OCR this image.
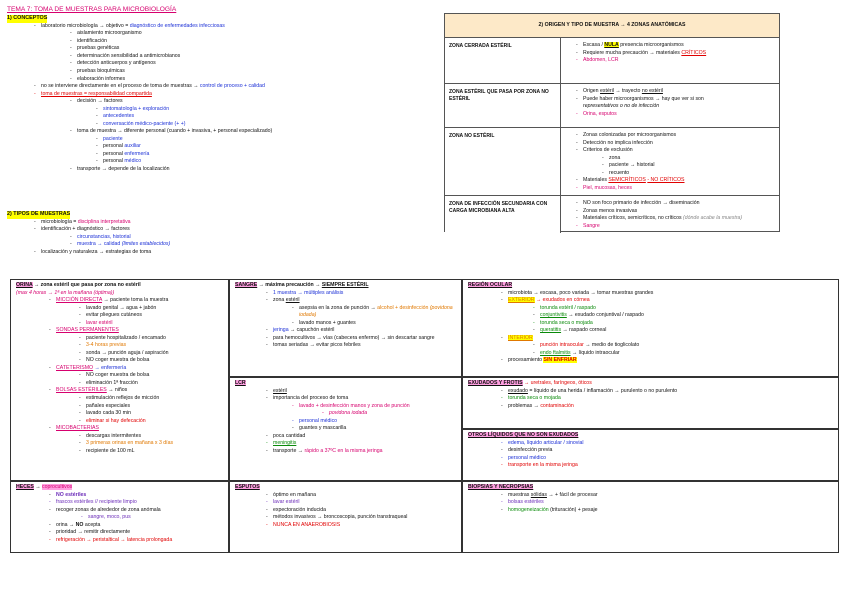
TEMA 7: TOMA DE MUESTRAS PARA MICROBIOLOGÍA
1) CONCEPTOS
- laboratorio microbiología → objetivo = diagnóstico de enfermedades infecciosas
- aislamiento microorganismo
- identificación
- pruebas genéticas
- determinación sensibilidad a antimicrobianos
- detección anticuerpos y antígenos
- pruebas bioquímicas
- elaboración informes
- no se interviene directamente en el proceso de toma de muestras → control de proceso + calidad
- toma de muestras = responsabilidad compartida
- decisión → factores
- sintomatología + exploración
- antecedentes
- conversación médico-paciente (+ +)
- toma de muestra → diferente personal (cuando + invasiva, + personal especializado)
- paciente
- personal auxiliar
- personal enfermería
- personal médico
- transporte → depende de la localización
2) TIPOS DE MUESTRAS
- microbiología = disciplina interpretativa
- identificación + diagnóstico → factores
- circunstancias, historial
- muestra → calidad (limites establecidos)
- localización y naturaleza → estrategias de toma
2) ORIGEN Y TIPO DE MUESTRA → 4 ZONAS ANATÓMICAS
ZONA CERRADA ESTÉRIL	- Escasa / NULA presencia microorganismos
- Requiere mucha precaución → materiales CRÍTICOS
- Abdomen, LCR
ZONA ESTÉRIL QUE PASA POR ZONA NO ESTÉRIL
- Origen estéril → trayecto no estéril
- Puede haber microorganismos → hay que ver si son
representativos o no de infección
- Orina, esputos
ZONA NO ESTÉRIL	- Zonas colonizadas por microorganismos
- Detección no implica infección
- Criterios de exclusión
- zona
- paciente → historial
- recuento
- Materiales SEMICRÍTICOS - NO CRÍTICOS
- Piel, mucosas, heces
ZONA DE INFECCIÓN SECUNDARIA CON CARGA MICROBIANA ALTA
- NO son foco primario de infección → diseminación
- Zonas menos invasivas
- Materiales críticos, semicríticos, no críticos (dónde acabe la muestra)
- Sangre
ORINA → zona estéril que pasa por zona no estéril
(max 4 horas → 1ª en la mañana (óptima))
- MICCIÓN DIRECTA → paciente toma la muestra
- lavado genital → agua + jabón
- evitar pliegues cutáneos
- lavar estéril
- SONDAS PERMANENTES
- paciente hospitalizado / encamado
- 3-4 horas previas
- sonda → punción aguja / aspiración
- NO coger muestra de bolsa
- CATETERISMO → enfermería
- NO coger muestra de bolsa
- eliminación 1ª fracción
- BOLSAS ESTÉRILES → niños
- estimulación reflejos de micción
- pañales especiales
- lavado cada 30 min
- eliminar si hay defecación
- MICOBACTERIAS
- descargas intermitentes
- 3 primeras orinas en mañana x 3 días
- recipiente de 100 mL
SANGRE → máxima precaución → SIEMPRE ESTÉRIL
- 1 muestra → múltiples análisis
- zona estéril
- asepsia en la zona de punción → alcohol + desinfección (povidona iodada)
- lavado manos + guantes
- jeringa → capuchón estéril
- para hemocultivos → vías (cabecera enfermo) → sin descartar sangre
- tomas seriadas → evitar picos febriles
LCR
- estéril
- importancia del proceso de toma
- lavado + desinfección manos y zona de punción
- povidona iodada
- personal médico
- guantes y mascarilla
- poca cantidad
- meningitis
- transporte → rápido a 37ºC en la misma jeringa
REGIÓN OCULAR
- microbiota → escasa, poco variada → tomar muestras grandes
- EXTERIOR → exudados en córnea
- torunda estéril / raspado
- conjuntivitis → exudado conjuntival / raspado
- torunda seca o mojada
- queratitis → raspado corneal
- INTERIOR
- punción intraocular → medio de tioglicolato
- endo ftalmitis → líquido intraocular
- procesamiento SIN ENFRIAR
EXUDADOS Y FROTIS → uretrales, faríngeos, óticos
- exudado = líquido de una herida / inflamación → purulento o no purulento
- torunda seca o mojada
- problemas → contaminación
OTROS LÍQUIDOS QUE NO SON EXUDADOS
- edema, líquido articular / sinovial
- desinfección previa
- personal médico
- transporte en la misma jeringa
HECES → coprocultivos
- NO estériles
- frascos estériles // recipiente limpio
- recoger zonas de alrededor de zona anómala
- sangre, moco, pus
- orina → NO acepta
- prioridad → remitir directamente
- refrigeración → peristaltical → latencia prolongada
ESPUTOS
- óptimo en mañana
- lavar estéril
- expectoración inducida
- métodos invasivos → broncoscopia, punción transtraqueal
- NUNCA EN ANAEROBIOSIS
BIOPSIAS Y NECROPSIAS
- muestras sólidas → + fácil de procesar
- bolsas estériles
- homogeneización (trituración) + pesaje
